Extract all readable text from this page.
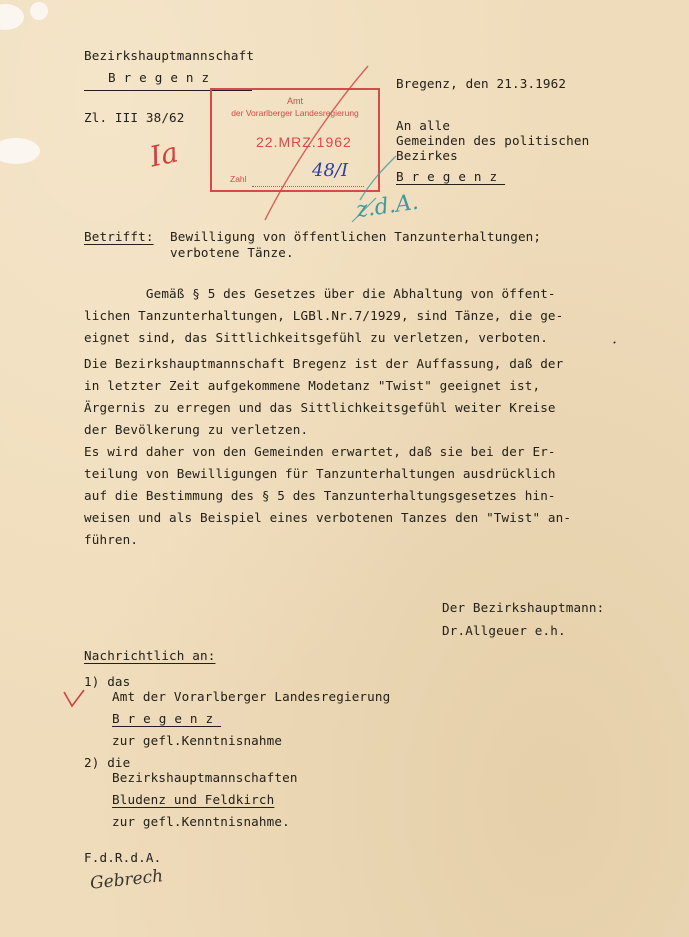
Bezirkshauptmannschaft
Bregenz
Zl. III 38/62
Bregenz, den 21.3.1962
An alle
Gemeinden des politischen
Bezirkes
Bregenz
Amt
der Vorarlberger Landesregierung
22.MRZ.1962
Zahl	48/I
Ia
z.d.A.
Betrifft: Bewilligung von öffentlichen Tanzunterhaltungen;
verbotene Tänze.
Gemäß § 5 des Gesetzes über die Abhaltung von öffent-
lichen Tanzunterhaltungen, LGBl.Nr.7/1929, sind Tänze, die ge-
eignet sind, das Sittlichkeitsgefühl zu verletzen, verboten.
Die Bezirkshauptmannschaft Bregenz ist der Auffassung, daß der
in letzter Zeit aufgekommene Modetanz "Twist" geeignet ist,
Ärgernis zu erregen und das Sittlichkeitsgefühl weiter Kreise
der Bevölkerung zu verletzen.
Es wird daher von den Gemeinden erwartet, daß sie bei der Er-
teilung von Bewilligungen für Tanzunterhaltungen ausdrücklich
auf die Bestimmung des § 5 des Tanzunterhaltungsgesetzes hin-
weisen und als Beispiel eines verbotenen Tanzes den "Twist" an-
führen.
Der Bezirkshauptmann:
Dr.Allgeuer e.h.
Nachrichtlich an:
1) das
Amt der Vorarlberger Landesregierung
Bregenz
zur gefl.Kenntnisnahme
2) die
Bezirkshauptmannschaften
Bludenz und Feldkirch
zur gefl.Kenntnisnahme.
F.d.R.d.A.
Gebrech
